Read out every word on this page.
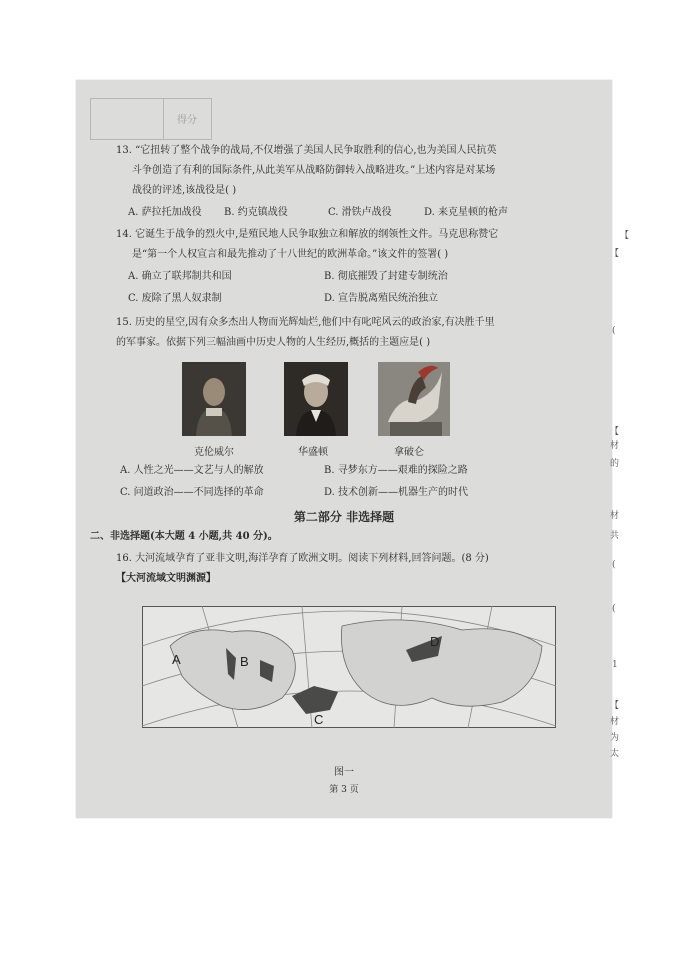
得分
13. “它扭转了整个战争的战局,不仅增强了美国人民争取胜利的信心,也为美国人民抗英
斗争创造了有利的国际条件,从此美军从战略防御转入战略进攻。”上述内容是对某场
战役的评述,该战役是( )
A. 萨拉托加战役 B. 约克镇战役	C. 滑铁卢战役	D. 来克星顿的枪声
14. 它诞生于战争的烈火中,是殖民地人民争取独立和解放的纲领性文件。马克思称赞它
是“第一个人权宣言和最先推动了十八世纪的欧洲革命。”该文件的签署( )
A. 确立了联邦制共和国	B. 彻底摧毁了封建专制统治
C. 废除了黑人奴隶制	D. 宣告脱离殖民统治独立
15. 历史的星空,因有众多杰出人物而光辉灿烂,他们中有叱咤风云的政治家,有决胜千里
的军事家。依据下列三幅油画中历史人物的人生经历,概括的主题应是( )
克伦威尔	华盛顿	拿破仑
A. 人性之光——文艺与人的解放	B. 寻梦东方——艰难的探险之路
C. 问道政治——不同选择的革命	D. 技术创新——机器生产的时代
第二部分 非选择题
二、非选择题(本大题 4 小题,共 40 分)。
16. 大河流域孕育了亚非文明,海洋孕育了欧洲文明。阅读下列材料,回答问题。(8 分)
【大河流域文明渊源】
A	B
C
D
图一
第 3 页
【
(
【
材
的
材
共
(
(
1
【
材
为
太
【
